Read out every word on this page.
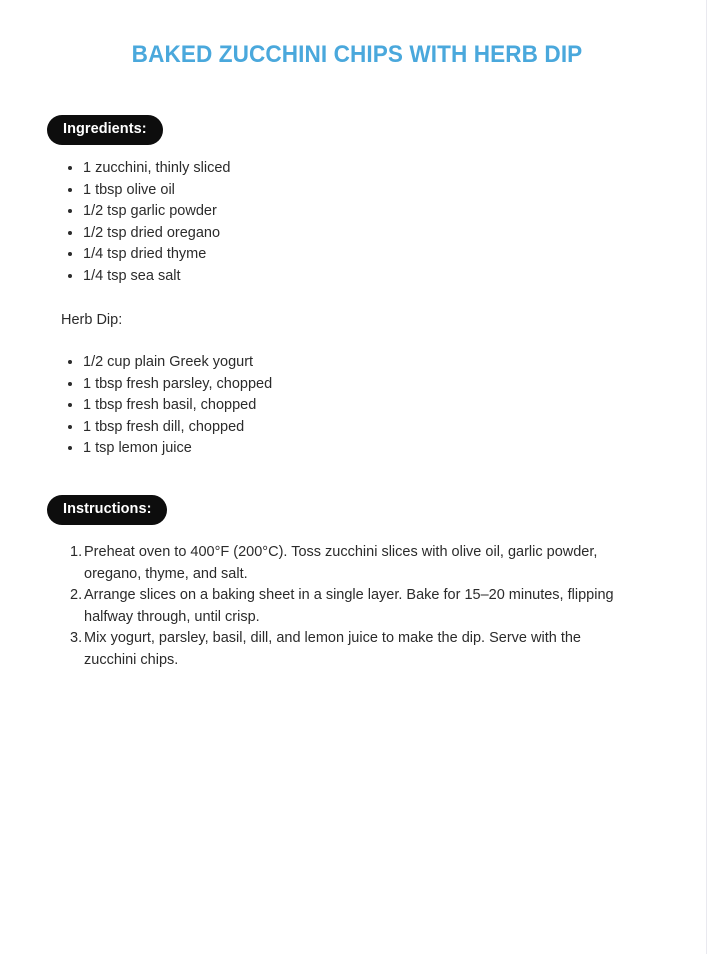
BAKED ZUCCHINI CHIPS WITH HERB DIP
Ingredients:
• 1 zucchini, thinly sliced
• 1 tbsp olive oil
• 1/2 tsp garlic powder
• 1/2 tsp dried oregano
• 1/4 tsp dried thyme
• 1/4 tsp sea salt
Herb Dip:
• 1/2 cup plain Greek yogurt
• 1 tbsp fresh parsley, chopped
• 1 tbsp fresh basil, chopped
• 1 tbsp fresh dill, chopped
• 1 tsp lemon juice
Instructions:
Preheat oven to 400°F (200°C). Toss zucchini slices with olive oil, garlic powder, oregano, thyme, and salt.
Arrange slices on a baking sheet in a single layer. Bake for 15–20 minutes, flipping halfway through, until crisp.
Mix yogurt, parsley, basil, dill, and lemon juice to make the dip. Serve with the zucchini chips.
